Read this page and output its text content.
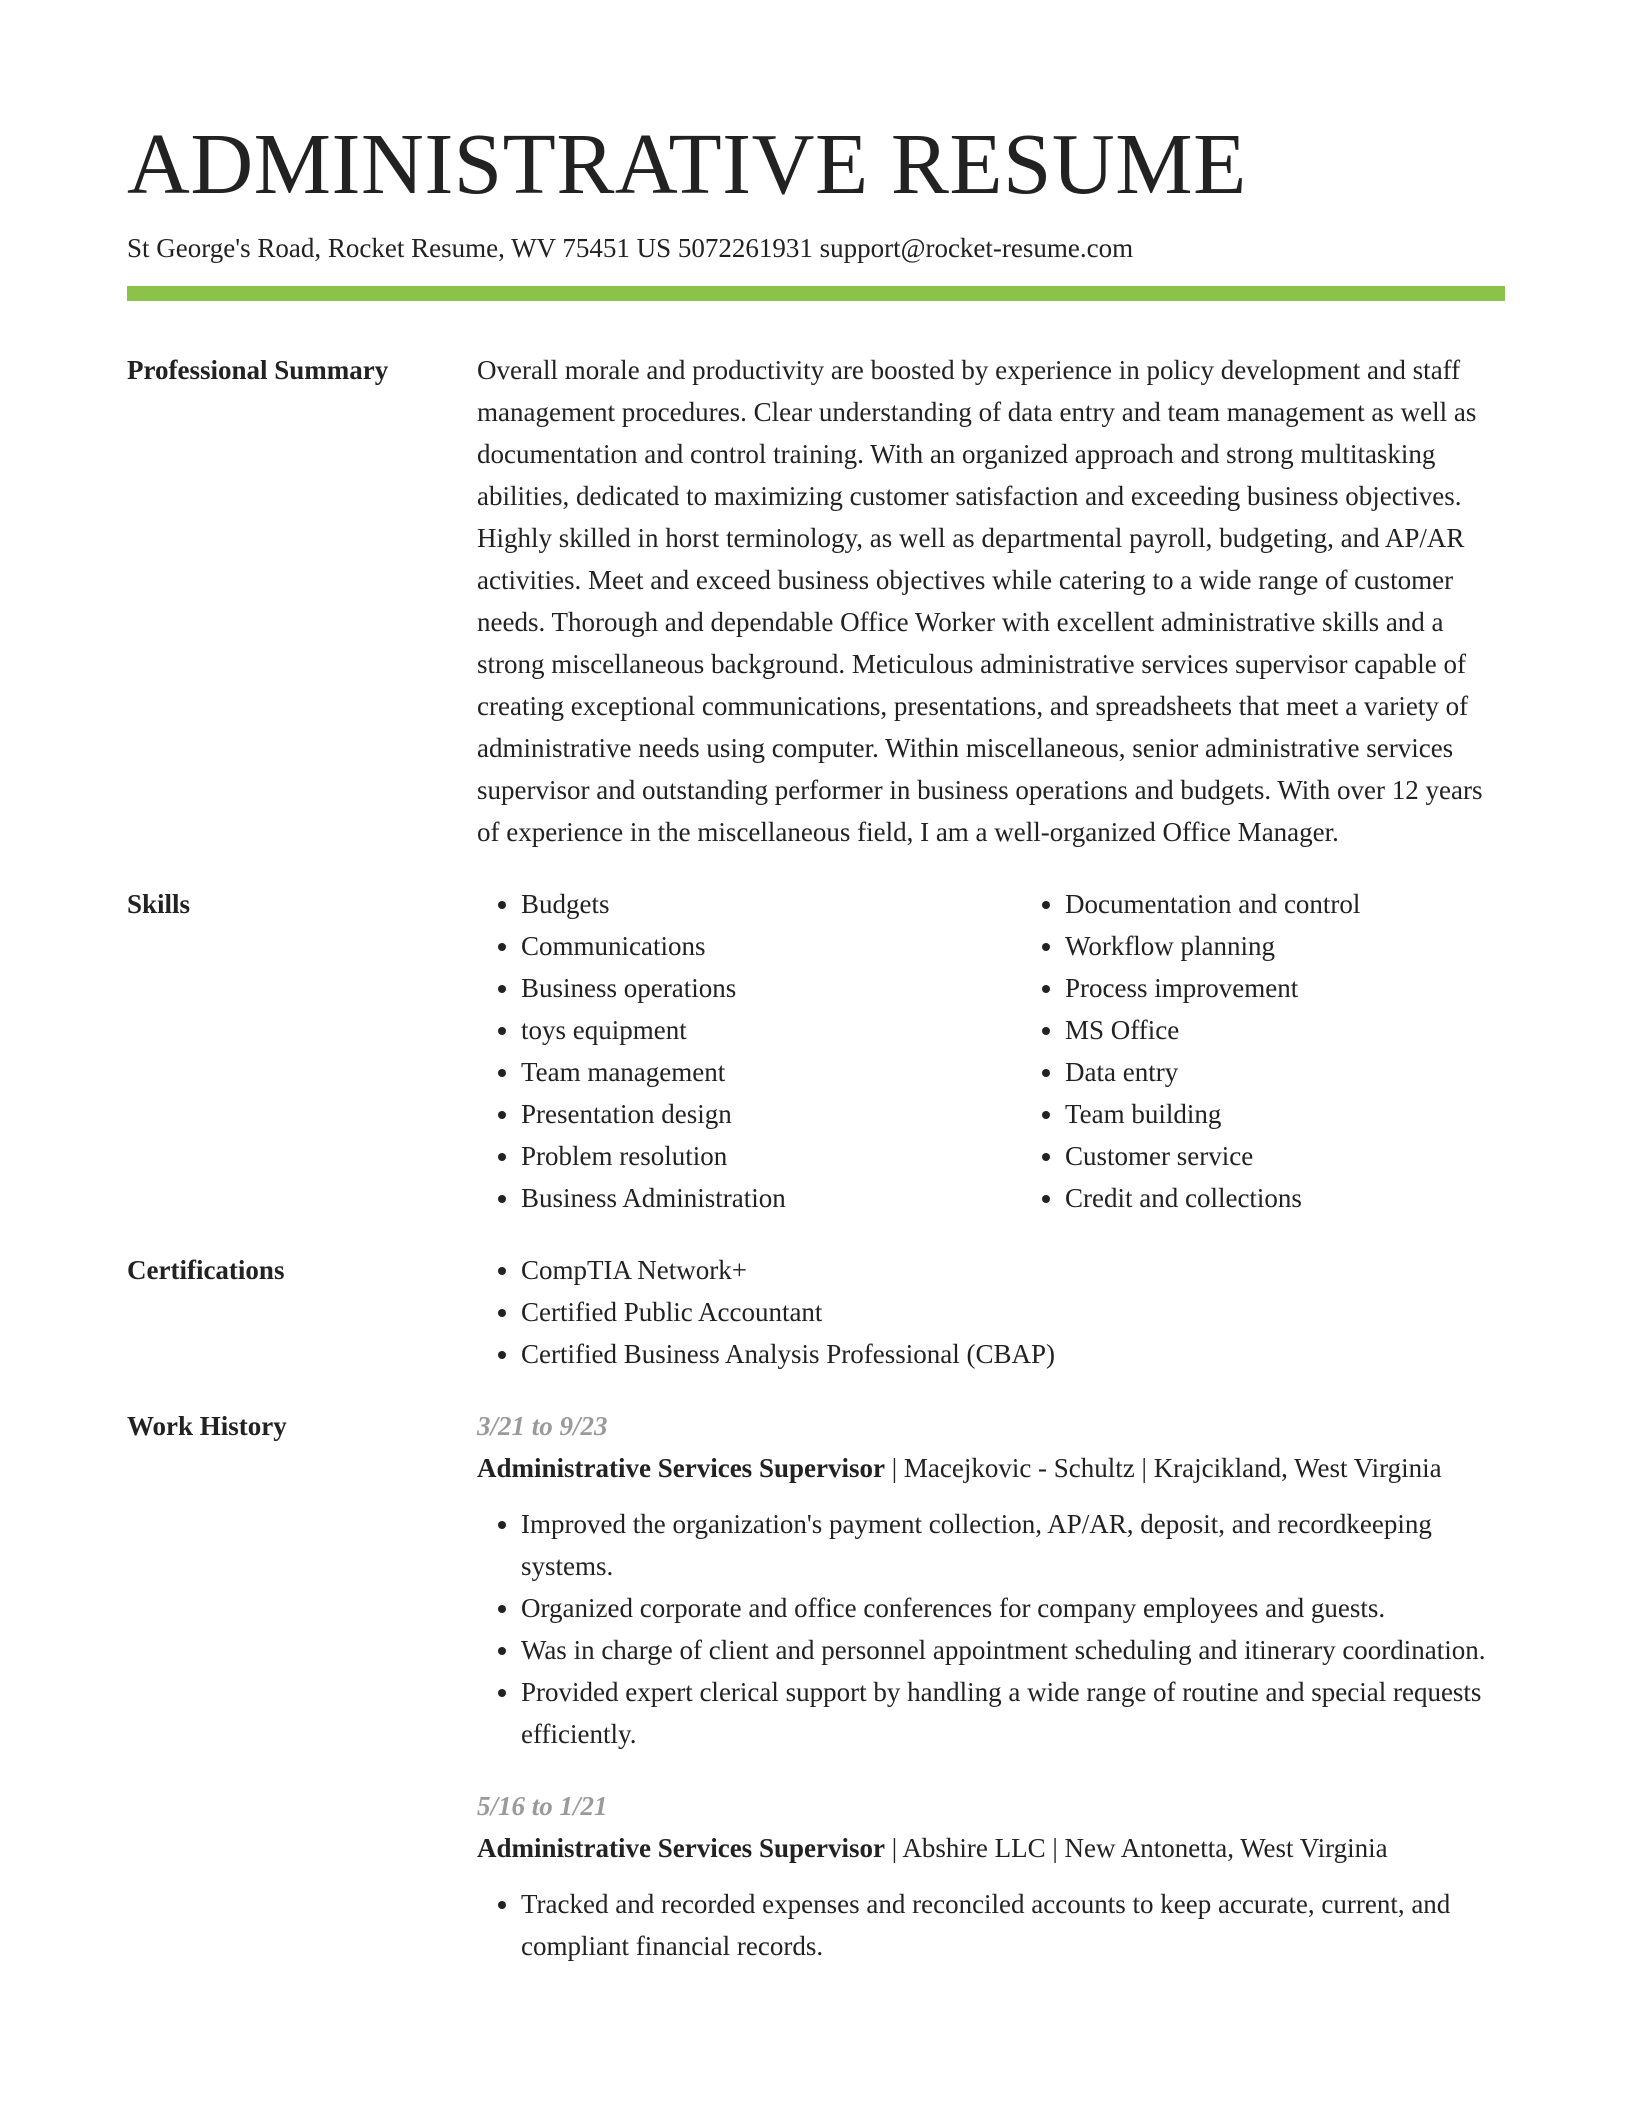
ADMINISTRATIVE RESUME
St George's Road, Rocket Resume, WV 75451 US 5072261931 support@rocket-resume.com
Professional Summary	Overall morale and productivity are boosted by experience in policy development and staff management procedures. Clear understanding of data entry and team management as well as documentation and control training. With an organized approach and strong multitasking abilities, dedicated to maximizing customer satisfaction and exceeding business objectives. Highly skilled in horst terminology, as well as departmental payroll, budgeting, and AP/AR activities. Meet and exceed business objectives while catering to a wide range of customer needs. Thorough and dependable Office Worker with excellent administrative skills and a strong miscellaneous background. Meticulous administrative services supervisor capable of creating exceptional communications, presentations, and spreadsheets that meet a variety of administrative needs using computer. Within miscellaneous, senior administrative services supervisor and outstanding performer in business operations and budgets. With over 12 years of experience in the miscellaneous field, I am a well-organized Office Manager.

Skills	• Budgets
• Communications
• Business operations
• toys equipment
• Team management
• Presentation design
• Problem resolution
• Business Administration
• Documentation and control
• Workflow planning
• Process improvement
• MS Office
• Data entry
• Team building
• Customer service
• Credit and collections
Certifications	• CompTIA Network+
• Certified Public Accountant
• Certified Business Analysis Professional (CBAP)
Work History	3/21 to 9/23
Administrative Services Supervisor | Macejkovic - Schultz | Krajcikland, West Virginia
• Improved the organization's payment collection, AP/AR, deposit, and recordkeeping systems.
• Organized corporate and office conferences for company employees and guests.
• Was in charge of client and personnel appointment scheduling and itinerary coordination.
• Provided expert clerical support by handling a wide range of routine and special requests efficiently.
5/16 to 1/21
Administrative Services Supervisor | Abshire LLC | New Antonetta, West Virginia
• Tracked and recorded expenses and reconciled accounts to keep accurate, current, and compliant financial records.
